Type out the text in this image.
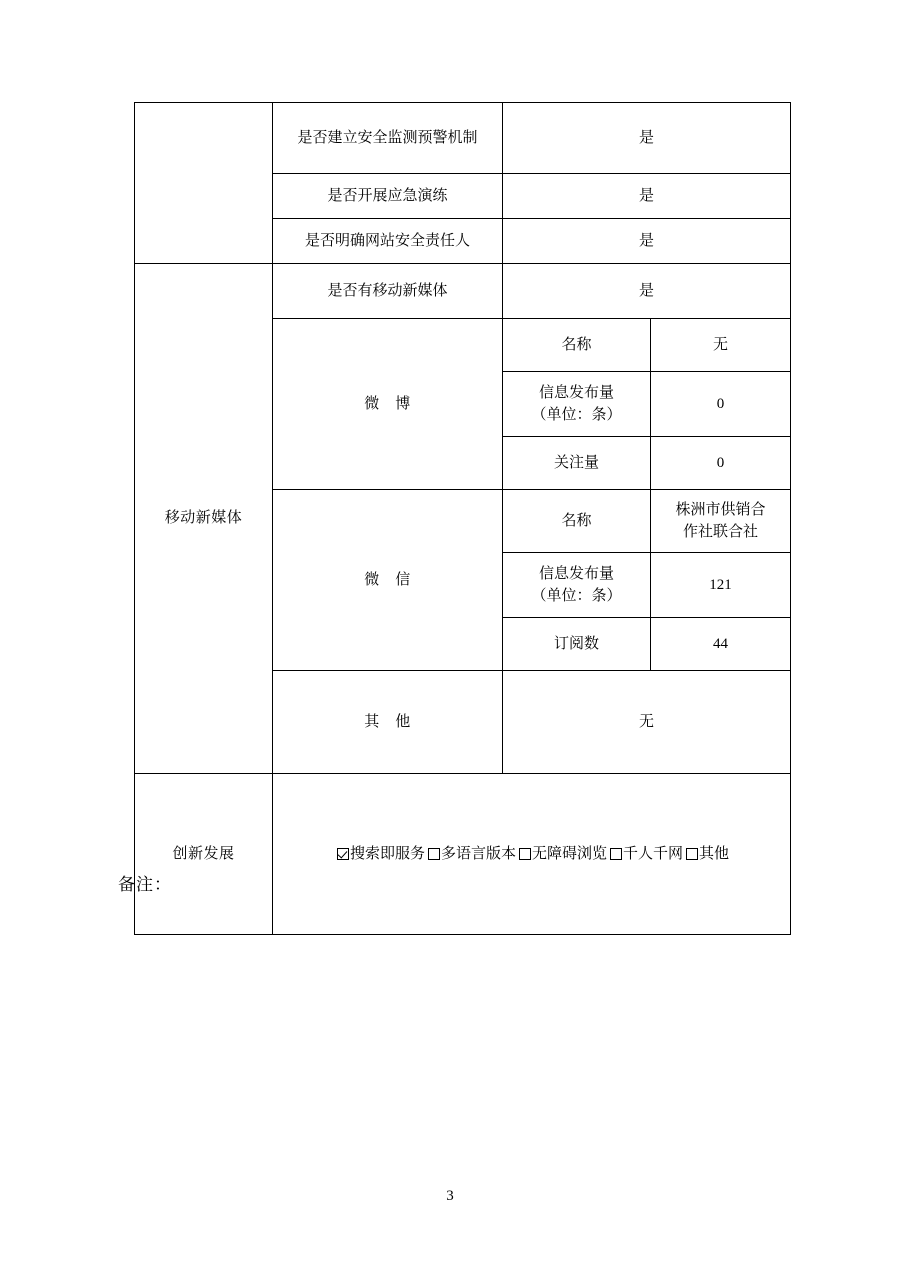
	是否建立安全监测预警机制	是	
	是否开展应急演练	是	
	是否明确网站安全责任人	是	
移动新媒体	是否有移动新媒体	是	
	微　博	名称	无

		信息发布量
（单位：条）	0
		关注量	0
	微　信	名称	株洲市供销合
作社联合社

		信息发布量
（单位：条）	121
		订阅数	44
	其　他	无	
创新发展	搜索即服务 多语言版本 无障碍浏览 千人千网 其他		
备注：
3
